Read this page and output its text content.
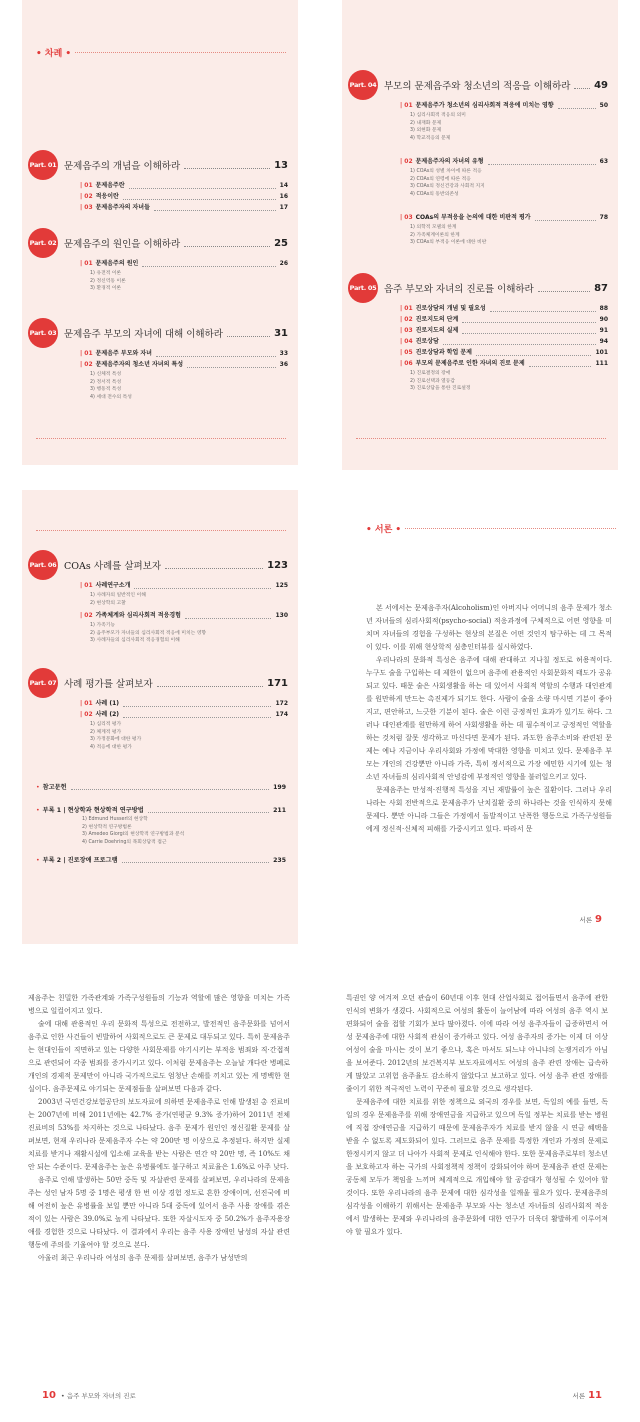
• 차례 •
Part. 01 문제음주의 개념을 이해하라	13
| 01 문제음주란	14
| 02 적응이란	16
| 03 문제음주자의 자녀들	17
Part. 02 문제음주의 원인을 이해하라	25
| 01 문제음주의 원인	26
1) 유전적 이론
2) 정신역동 이론
3) 환경적 이론
Part. 03 문제음주 부모의 자녀에 대해 이해하라	31
| 01 문제음주 부모와 자녀	33
| 02 문제음주자의 청소년 자녀의 특성	36
1) 신체적 특성
2) 정서적 특성
3) 행동적 특성
4) 세대 전수의 특성
Part. 04 부모의 문제음주와 청소년의 적응을 이해하라 49
| 01 문제음주가 청소년의 심리사회적 적응에 미치는 영향	50
1) 심리사회적 적응의 의미
2) 내재화 문제
3) 외현화 문제
4) 학교적응의 문제
| 02 문제음주자의 자녀의 유형	63
1) COAs의 성별 차이에 따른 적응
2) COAs의 연령에 따른 적응
3) COAs의 정신건강과 사회적 지지
4) COAs의 동반의존성
| 03 COAs의 부적응을 논의에 대한 비판적 평가	78
1) 의학적 모델의 한계
2) 가족체계이론의 한계
3) COAs의 부적응 이론에 대한 비판
Part. 05 음주 부모와 자녀의 진로를 이해하라	87
| 01 진로상담의 개념 및 필요성	88
| 02 진로지도의 단계	90
| 03 진로지도의 실제	91
| 04 진로상담	94
| 05 진로상담과 학업 문제	101
| 06 부모의 문제음주로 인한 자녀의 진로 문제	111
1) 진로결정의 장애
2) 진로선택과 열등감
3) 진로상담을 통한 진로설정
Part. 06 COAs 사례를 살펴보자	123
| 01 사례연구소개	125
1) 사례자의 일반적인 이해
2) 현상학의 고찰
| 02 가족체계와 심리사회적 적응경험	130
1) 가족기능
2) 음주부모가 자녀들의 심리사회적 적응에 미치는 영향
3) 사례자들의 심리사회적 적응경험의 이해
Part. 07 사례 평가를 살펴보자	171
| 01 사례 (1)	172
| 02 사례 (2)	174
1) 심리적 평가
2) 체계적 평가
3) 가정문화에 대한 평가
4) 적응에 대한 평가
• 참고문헌	199
• 부록 1 | 현상학과 현상학적 연구방법	211
1) Edmund Husserl의 현상학
2) 현상학적 연구방법론
3) Amedeo Giorgi의 현상학적 연구방법과 분석
4) Carrie Doehring의 목회상담적 접근
• 부록 2 | 진로장애 프로그램	235
• 서론 •

본 서에서는 문제음주자(Alcoholism)인 아버지나 어머니의 음주 문제가 청소년 자녀들의 심리사회적(psycho-social) 적응과정에 구체적으로 어떤 영향을 미치며 자녀들의 경험을 구성하는 현상의 본질은 어떤 것인지 탐구하는 데 그 목적이 있다. 이를 위해 현상학적 심층인터뷰를 실시하였다.

우리나라의 문화적 특성은 음주에 대해 관대하고 지나칠 정도로 허용적이다. 누구도 술을 구입하는 데 제한이 없으며 음주에 관용적인 사회문화적 태도가 공유되고 있다. 때문 술은 사회생활을 하는 데 있어서 사회적 역할의 수행과 대인관계를 원만하게 만드는 촉진제가 되기도 한다. 사람이 술을 소량 마시면 기분이 좋아지고, 편안하고, 느긋한 기분이 된다. 술은 이런 긍정적인 효과가 있기도 하다. 그러나 대인관계를 원만하게 하여 사회생활을 하는 데 필수적이고 긍정적인 역할을 하는 것처럼 잘못 생각하고 마신다면 문제가 된다. 과도한 음주소비와 관련된 문제는 예나 지금이나 우리사회와 가정에 막대한 영향을 미치고 있다. 문제음주 부모는 개인의 건강뿐만 아니라 가족, 특히 정서적으로 가장 예민한 시기에 있는 청소년 자녀들의 심리사회적 안녕감에 부정적인 영향을 불러일으키고 있다.

문제음주는 만성적·진행적 특성을 지닌 재발률이 높은 질환이다. 그러나 우리나라는 사회 전반적으로 문제음주가 난치질환 중의 하나라는 것을 인식하지 못해 문제다. 뿐만 아니라 그들은 가정에서 돌발적이고 난폭한 행동으로 가족구성원들에게 정신적·신체적 피해를 가중시키고 있다. 따라서 문

서론 9

제음주는 친밀한 가족관계와 가족구성원들의 기능과 역할에 많은 영향을 미치는 가족 병으로 일컬어지고 있다.

술에 대해 관용적인 우리 문화적 특성으로 전전하고, 발전적인 음주문화를 넘어서 음주로 인한 사건들이 빈발하여 사회적으로도 큰 문제로 대두되고 있다. 특히 문제음주는 현대인들이 직면하고 있는 다양한 사회문제를 야기시키는 부적응 범죄와 직·간접적으로 관련되어 각종 범죄를 증가시키고 있다. 이처럼 문제음주는 오늘날 개다란 병폐로 개인의 경제적 문제만이 아니라 국가적으로도 엄청난 손해를 끼치고 있는 게 명백한 현실이다. 음주문제로 야기되는 문제점들을 살펴보면 다음과 같다.

2003년 국민건강보험공단의 보도자료에 의하면 문제음주로 인해 발생된 총 진료비는 2007년에 비해 2011년에는 42.7% 증가(연평균 9.3% 증가)하여 2011년 전체 진료비의 53%를 차지하는 것으로 나타났다. 음주 문제가 원인인 정신질환 문제를 살펴보면, 현재 우리나라 문제음주자 수는 약 200만 명 이상으로 추정된다. 하지만 실제 치료를 받거나 재활시설에 입소해 교육을 받는 사람은 연간 약 20만 명, 즉 10%도 채 안 되는 수준이다. 문제음주는 높은 유병률에도 불구하고 치료율은 1.6%로 아주 낮다.

음주로 인해 발생하는 50만 중독 및 자살관련 문제를 살펴보면, 우리나라의 문제음주는 성인 남자 5명 중 1명은 평생 한 번 이상 경험 정도로 흔한 장애이며, 선진국에 비해 여전히 높은 유병률을 보일 뿐만 아니라 5대 중독에 있어서 음주 사용 장애를 겪은 적이 있는 사람은 39.0%로 높게 나타났다. 또한 자살시도자 중 50.2%가 음주자용장애를 경험한 것으로 나타났다. 이 결과에서 우리는 음주 사용 장애인 남성의 자살 관련 행동에 주의를 기울여야 할 것으로 본다.

아울러 최근 우리나라 여성의 음주 문제를 살펴보면, 음주가 남성만의

특권인 양 여겨져 오던 관습이 60년대 이후 현대 산업사회로 접어들면서 음주에 관한 인식의 변화가 생겼다. 사회적으로 여성의 활동이 늘어남에 따라 여성의 음주 역시 보편화되어 술을 접할 기회가 보다 많아졌다. 이에 따라 여성 음주자들이 급증하면서 여성 문제음주에 대한 사회적 관심이 증가하고 있다. 여성 음주자의 증가는 이제 더 이상 여성이 술을 마시는 것이 보기 좋으냐, 혹은 마셔도 되느냐 아니냐의 논쟁거리가 아님을 보여준다. 2012년의 보건복지부 보도자료에서도 여성의 음주 관련 장애는 급속하게 많았고 고위험 음주율도 감소하지 않았다고 보고하고 있다. 여성 음주 관련 장애를 줄이기 위한 적극적인 노력이 꾸준히 필요할 것으로 생각된다.

문제음주에 대한 치료를 위한 정책으로 외국의 경우를 보면, 독일의 예를 들면, 독일의 경우 문제음주를 위해 장애연금을 지급하고 있으며 독일 정부는 치료를 받는 병원에 직접 장애연금을 지급하기 때문에 문제음주자가 치료를 받지 않을 시 연금 혜택을 받을 수 없도록 제도화되어 있다. 그러므로 음주 문제를 특정한 개인과 가정의 문제로 한정시키지 않고 더 나아가 사회적 문제로 인식해야 한다. 또한 문제음주로부터 청소년을 보호하고자 하는 국가의 사회정책적 정책이 강화되어야 하며 문제음주 관련 문제는 공동체 모두가 책임을 느끼며 체계적으로 개입해야 할 공감대가 형성될 수 있어야 할 것이다. 또한 우리나라의 음주 문제에 대한 심각성을 일깨울 필요가 있다. 문제음주의 심각성을 이해하기 위해서는 문제음주 부모와 사는 청소년 자녀들의 심리사회적 적응에서 발생하는 문제와 우리나라의 음주문화에 대한 연구가 더욱더 활발하게 이루어져야 할 필요가 있다.

10 • 음주 부모와 자녀의 진로	서론 11
